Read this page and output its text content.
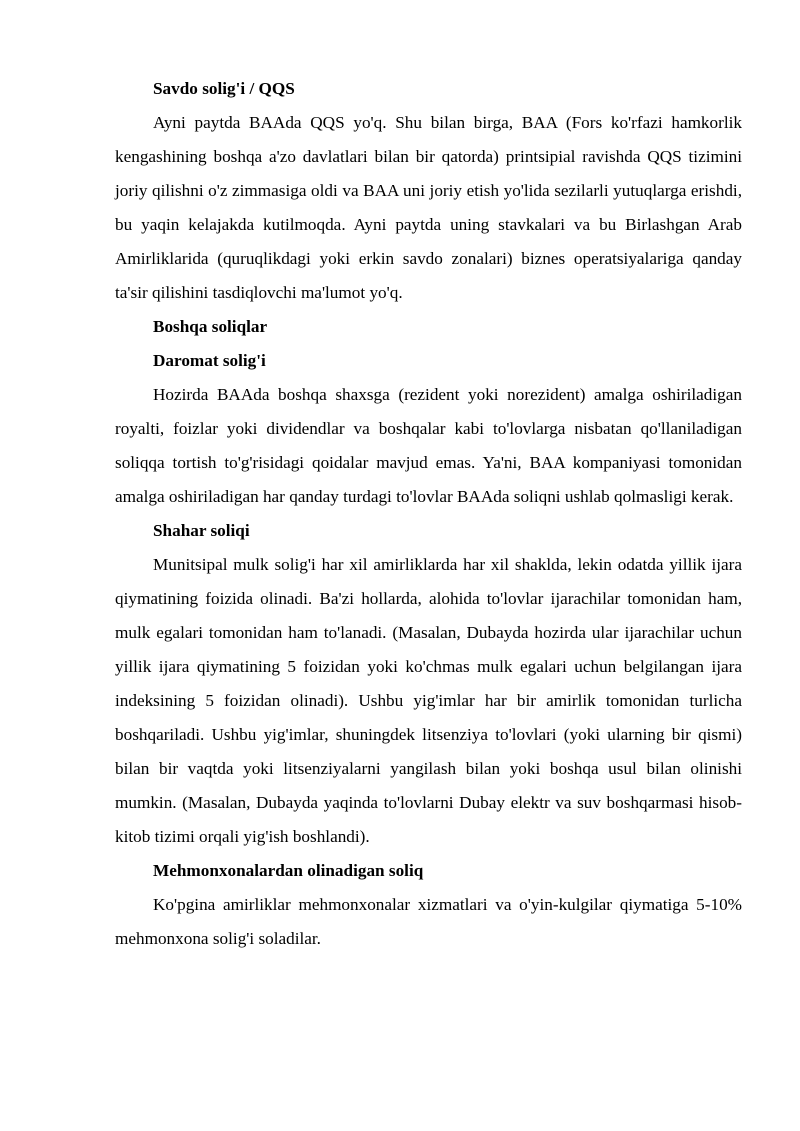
Savdo solig'i / QQS

Ayni paytda BAAda QQS yo'q. Shu bilan birga, BAA (Fors ko'rfazi hamkorlik kengashining boshqa a'zo davlatlari bilan bir qatorda) printsipial ravishda QQS tizimini joriy qilishni o'z zimmasiga oldi va BAA uni joriy etish yo'lida sezilarli yutuqlarga erishdi, bu yaqin kelajakda kutilmoqda. Ayni paytda uning stavkalari va bu Birlashgan Arab Amirliklarida (quruqlikdagi yoki erkin savdo zonalari) biznes operatsiyalariga qanday ta'sir qilishini tasdiqlovchi ma'lumot yo'q.

Boshqa soliqlar

Daromat solig'i

Hozirda BAAda boshqa shaxsga (rezident yoki norezident) amalga oshiriladigan royalti, foizlar yoki dividendlar va boshqalar kabi to'lovlarga nisbatan qo'llaniladigan soliqqa tortish to'g'risidagi qoidalar mavjud emas. Ya'ni, BAA kompaniyasi tomonidan amalga oshiriladigan har qanday turdagi to'lovlar BAAda soliqni ushlab qolmasligi kerak.

Shahar soliqi

Munitsipal mulk solig'i har xil amirliklarda har xil shaklda, lekin odatda yillik ijara qiymatining foizida olinadi. Ba'zi hollarda, alohida to'lovlar ijarachilar tomonidan ham, mulk egalari tomonidan ham to'lanadi. (Masalan, Dubayda hozirda ular ijarachilar uchun yillik ijara qiymatining 5 foizidan yoki ko'chmas mulk egalari uchun belgilangan ijara indeksining 5 foizidan olinadi). Ushbu yig'imlar har bir amirlik tomonidan turlicha boshqariladi. Ushbu yig'imlar, shuningdek litsenziya to'lovlari (yoki ularning bir qismi) bilan bir vaqtda yoki litsenziyalarni yangilash bilan yoki boshqa usul bilan olinishi mumkin. (Masalan, Dubayda yaqinda to'lovlarni Dubay elektr va suv boshqarmasi hisob-kitob tizimi orqali yig'ish boshlandi).

Mehmonxonalardan olinadigan soliq

Ko'pgina amirliklar mehmonxonalar xizmatlari va o'yin-kulgilar qiymatiga 5-10% mehmonxona solig'i soladilar.
